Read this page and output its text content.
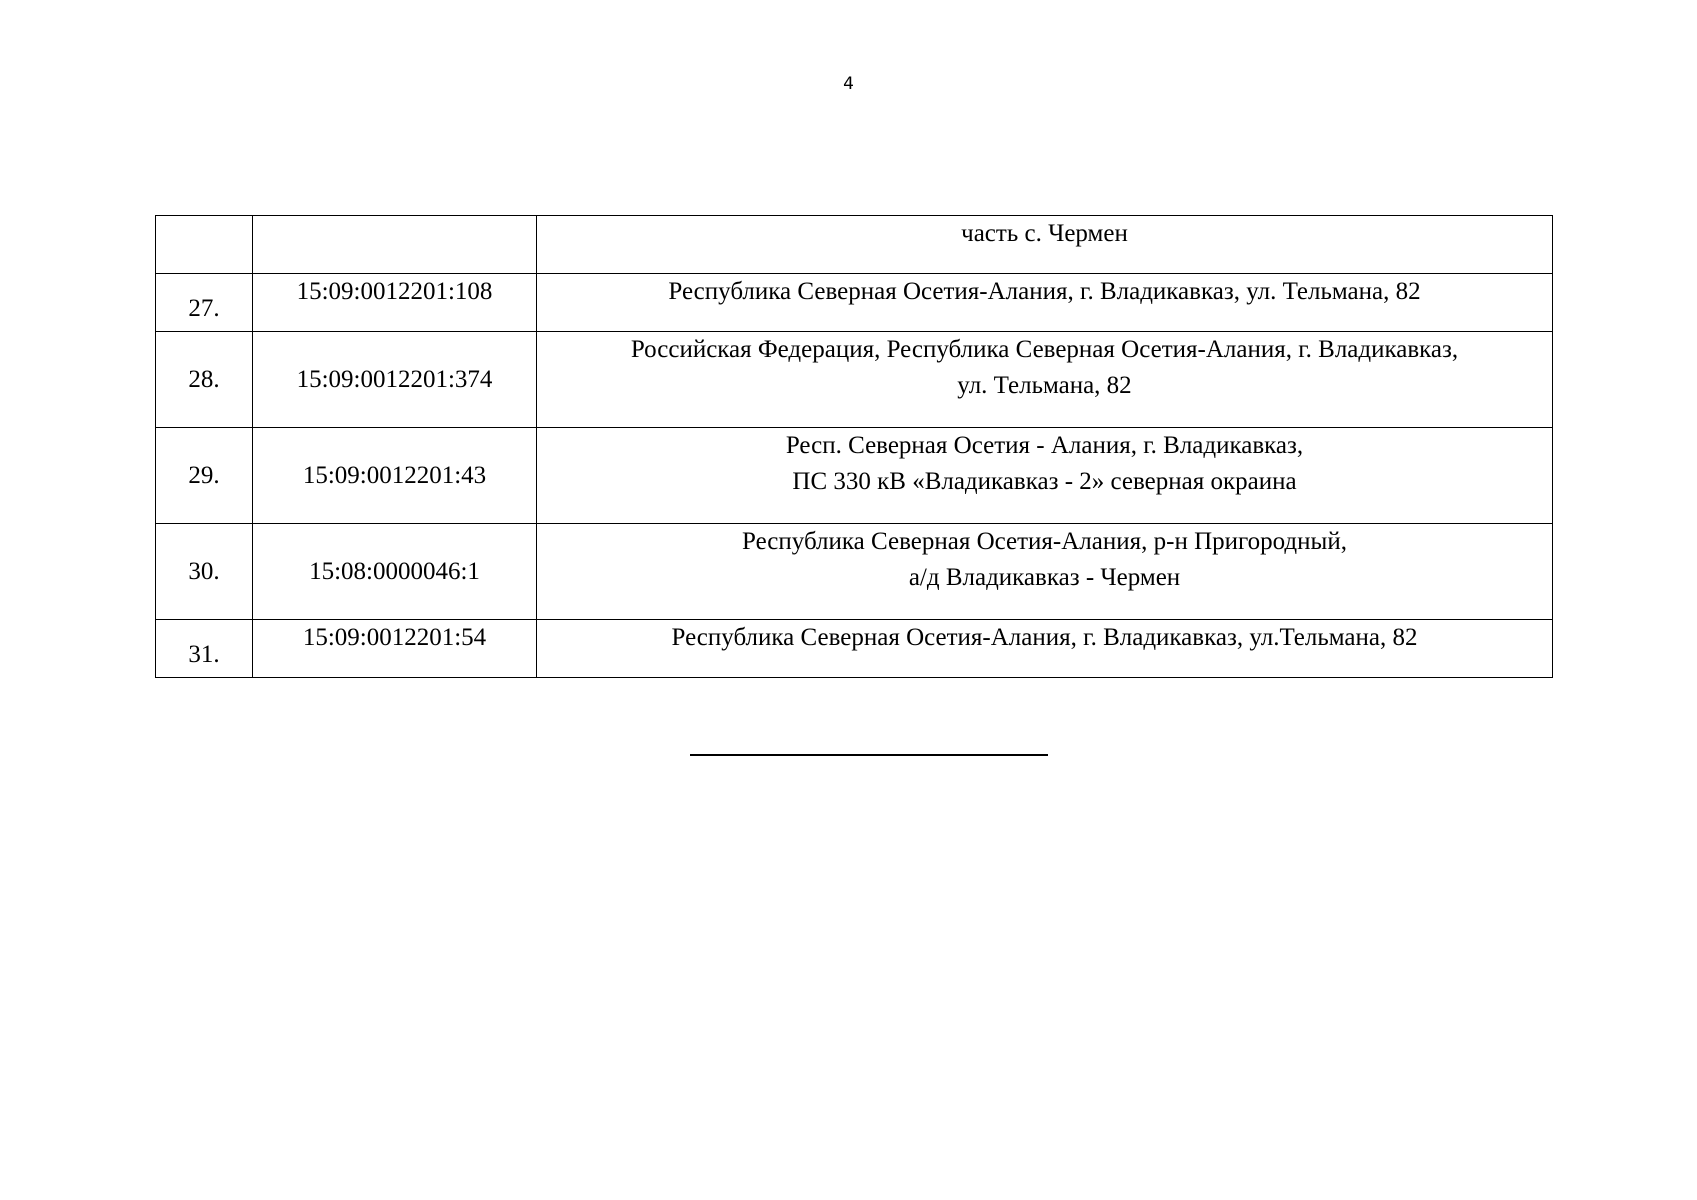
4

		часть с. Чермен

27.	15:09:0012201:108	Республика Северная Осетия-Алания, г. Владикавказ, ул. Тельмана, 82

28.	15:09:0012201:374	Российская Федерация, Республика Северная Осетия-Алания, г. Владикавказ,
ул. Тельмана, 82

29.	15:09:0012201:43	Респ. Северная Осетия - Алания, г. Владикавказ,
ПС 330 кВ «Владикавказ - 2» северная окраина

30.	15:08:0000046:1	Республика Северная Осетия-Алания, р-н Пригородный,
а/д Владикавказ - Чермен

31.	15:09:0012201:54	Республика Северная Осетия-Алания, г. Владикавказ, ул.Тельмана, 82
